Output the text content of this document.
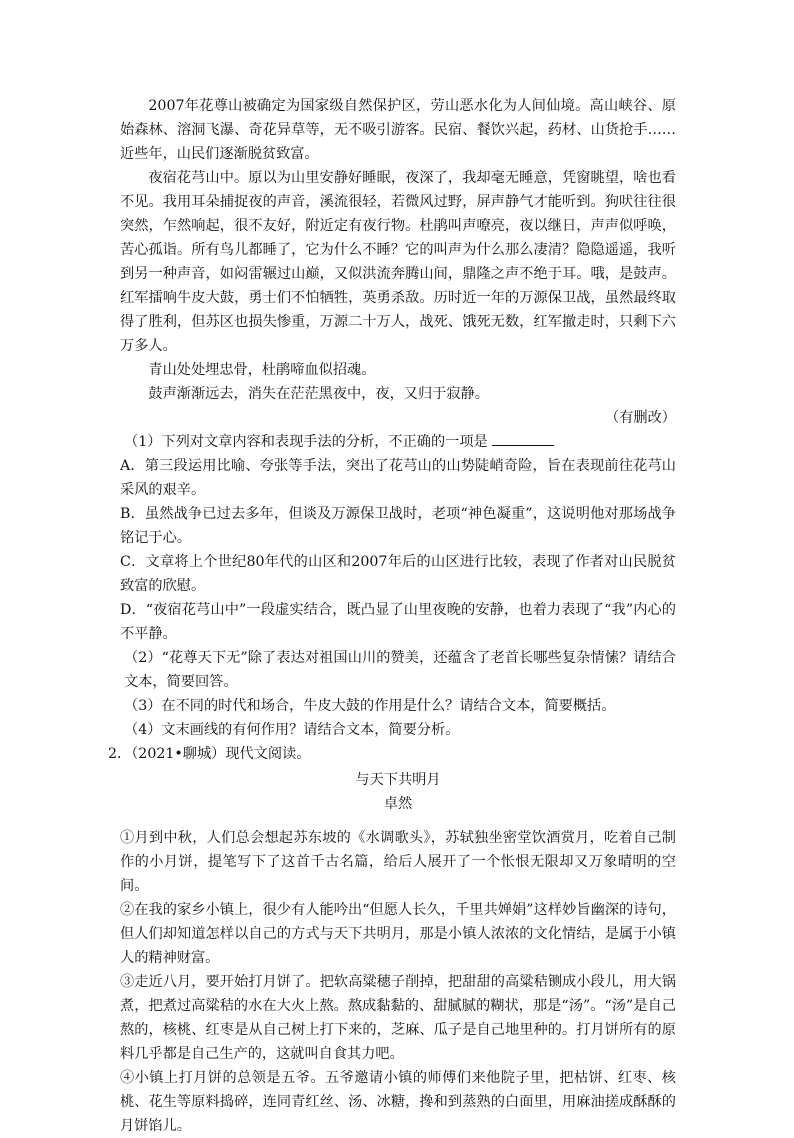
2007年花尊山被确定为国家级自然保护区，劳山恶水化为人间仙境。高山峡谷、原始森林、溶洞飞瀑、奇花异草等，无不吸引游客。民宿、餐饮兴起，药材、山货抢手……近些年，山民们逐渐脱贫致富。

夜宿花芎山中。原以为山里安静好睡眠，夜深了，我却毫无睡意，凭窗眺望，啥也看不见。我用耳朵捕捉夜的声音，溪流很轻，若微风过野，屏声静气才能听到。狗吠往往很突然，乍然响起，很不友好，附近定有夜行物。杜鹃叫声嘹亮，夜以继日，声声似呼唤，苦心孤诣。所有鸟儿都睡了，它为什么不睡？它的叫声为什么那么凄清？隐隐遥遥，我听到另一种声音，如闷雷辗过山巅，又似洪流奔腾山间，鼎隆之声不绝于耳。哦，是鼓声。红军擂响牛皮大鼓，勇士们不怕牺牲，英勇杀敌。历时近一年的万源保卫战，虽然最终取得了胜利，但苏区也损失惨重，万源二十万人，战死、饿死无数，红军撤走时，只剩下六万多人。

青山处处埋忠骨，杜鹃啼血似招魂。

鼓声渐渐远去，消失在茫茫黑夜中，夜，又归于寂静。

（有删改）

（1）下列对文章内容和表现手法的分析，不正确的一项是

A．第三段运用比喻、夸张等手法，突出了花芎山的山势陡峭奇险，旨在表现前往花芎山采风的艰辛。

B．虽然战争已过去多年，但谈及万源保卫战时，老项“神色凝重”，这说明他对那场战争铭记于心。

C．文章将上个世纪80年代的山区和2007年后的山区进行比较，表现了作者对山民脱贫致富的欣慰。

D．“夜宿花芎山中”一段虚实结合，既凸显了山里夜晚的安静，也着力表现了“我”内心的不平静。

（2）“花尊天下无”除了表达对祖国山川的赞美，还蕴含了老首长哪些复杂情愫？请结合文本，简要回答。

（3）在不同的时代和场合，牛皮大鼓的作用是什么？请结合文本，简要概括。

（4）文末画线的有何作用？请结合文本，简要分析。

2．（2021•聊城）现代文阅读。

与天下共明月

卓然

①月到中秋，人们总会想起苏东坡的《水调歌头》，苏轼独坐密堂饮酒赏月，吃着自己制作的小月饼，提笔写下了这首千古名篇，给后人展开了一个怅恨无限却又万象晴明的空间。

②在我的家乡小镇上，很少有人能吟出“但愿人长久，千里共婵娟”这样妙旨幽深的诗句，但人们却知道怎样以自己的方式与天下共明月，那是小镇人浓浓的文化情结，是属于小镇人的精神财富。

③走近八月，要开始打月饼了。把软高粱穗子削掉，把甜甜的高粱秸铡成小段儿，用大锅煮，把煮过高粱秸的水在大火上熬。熬成黏黏的、甜腻腻的糊状，那是“汤”。“汤”是自己熬的，核桃、红枣是从自己树上打下来的，芝麻、瓜子是自己地里种的。打月饼所有的原料几乎都是自己生产的，这就叫自食其力吧。

④小镇上打月饼的总领是五爷。五爷邀请小镇的师傅们来他院子里，把枯饼、红枣、核桃、花生等原料捣碎，连同青红丝、汤、冰糖，搀和到蒸熟的白面里，用麻油搓成酥酥的月饼馅儿。
